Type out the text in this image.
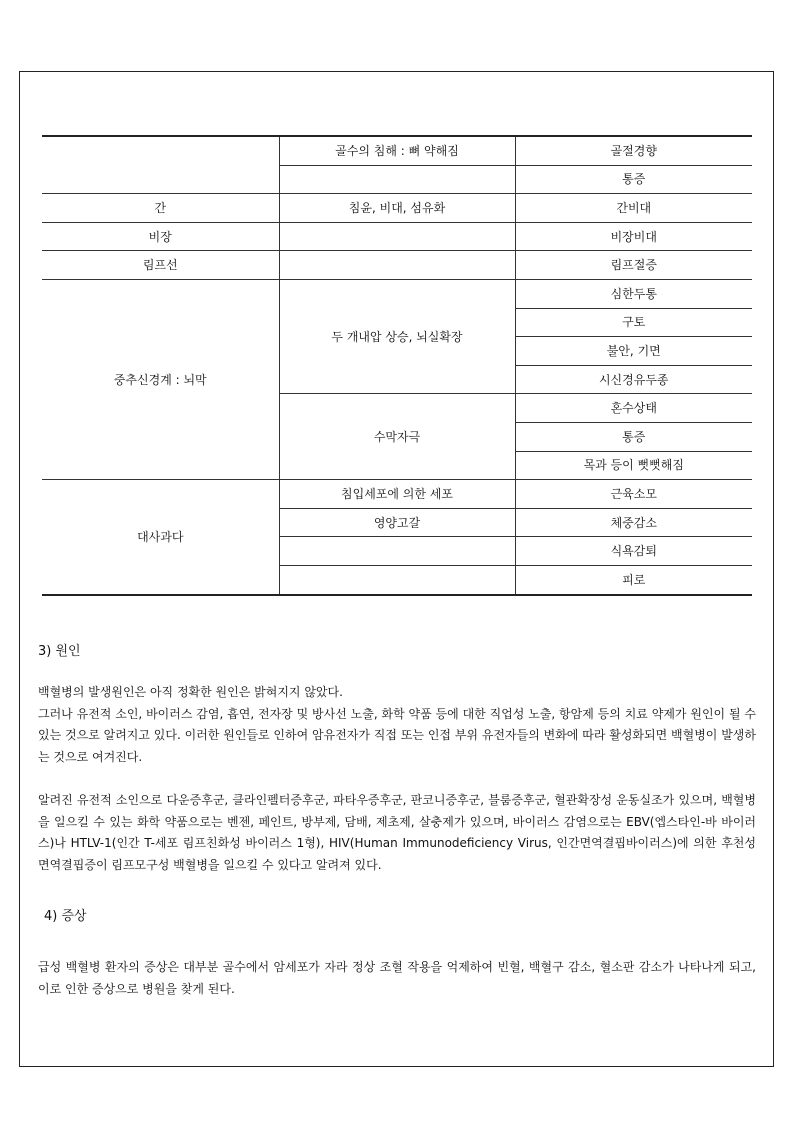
	골수의 침해 : 뼈 약해짐	골절경향
		통증
간	침윤, 비대, 섬유화	간비대
비장		비장비대
림프선		림프절증
중추신경계 : 뇌막	두 개내압 상승, 뇌실확장	심한두통
		구토
		불안, 기면
		시신경유두종
	수막자극	혼수상태
		통증
		목과 등이 뻣뻣해짐
대사과다	침입세포에 의한 세포	근육소모
	영양고갈	체중감소
		식욕감퇴
		피로
3) 원인

백혈병의 발생원인은 아직 정확한 원인은 밝혀지지 않았다.
그러나 유전적 소인, 바이러스 감염, 흡연, 전자장 및 방사선 노출, 화학 약품 등에 대한 직업성 노출, 항암제 등의 치료 약제가 원인이 될 수 있는 것으로 알려지고 있다. 이러한 원인들로 인하여 암유전자가 직접 또는 인접 부위 유전자들의 변화에 따라 활성화되면 백혈병이 발생하는 것으로 여겨진다.

알려진 유전적 소인으로 다운증후군, 클라인펠터증후군, 파타우증후군, 판코니증후군, 블룸증후군, 혈관확장성 운동실조가 있으며, 백혈병을 일으킬 수 있는 화학 약품으로는 벤젠, 페인트, 방부제, 담배, 제초제, 살충제가 있으며, 바이러스 감염으로는 EBV(엡스타인-바 바이러스)나 HTLV-1(인간 T-세포 림프친화성 바이러스 1형), HIV(Human Immunodeficiency Virus, 인간면역결핍바이러스)에 의한 후천성면역결핍증이 림프모구성 백혈병을 일으킬 수 있다고 알려져 있다.

4) 증상

급성 백혈병 환자의 증상은 대부분 골수에서 암세포가 자라 정상 조혈 작용을 억제하여 빈혈, 백혈구 감소, 혈소판 감소가 나타나게 되고, 이로 인한 증상으로 병원을 찾게 된다.
